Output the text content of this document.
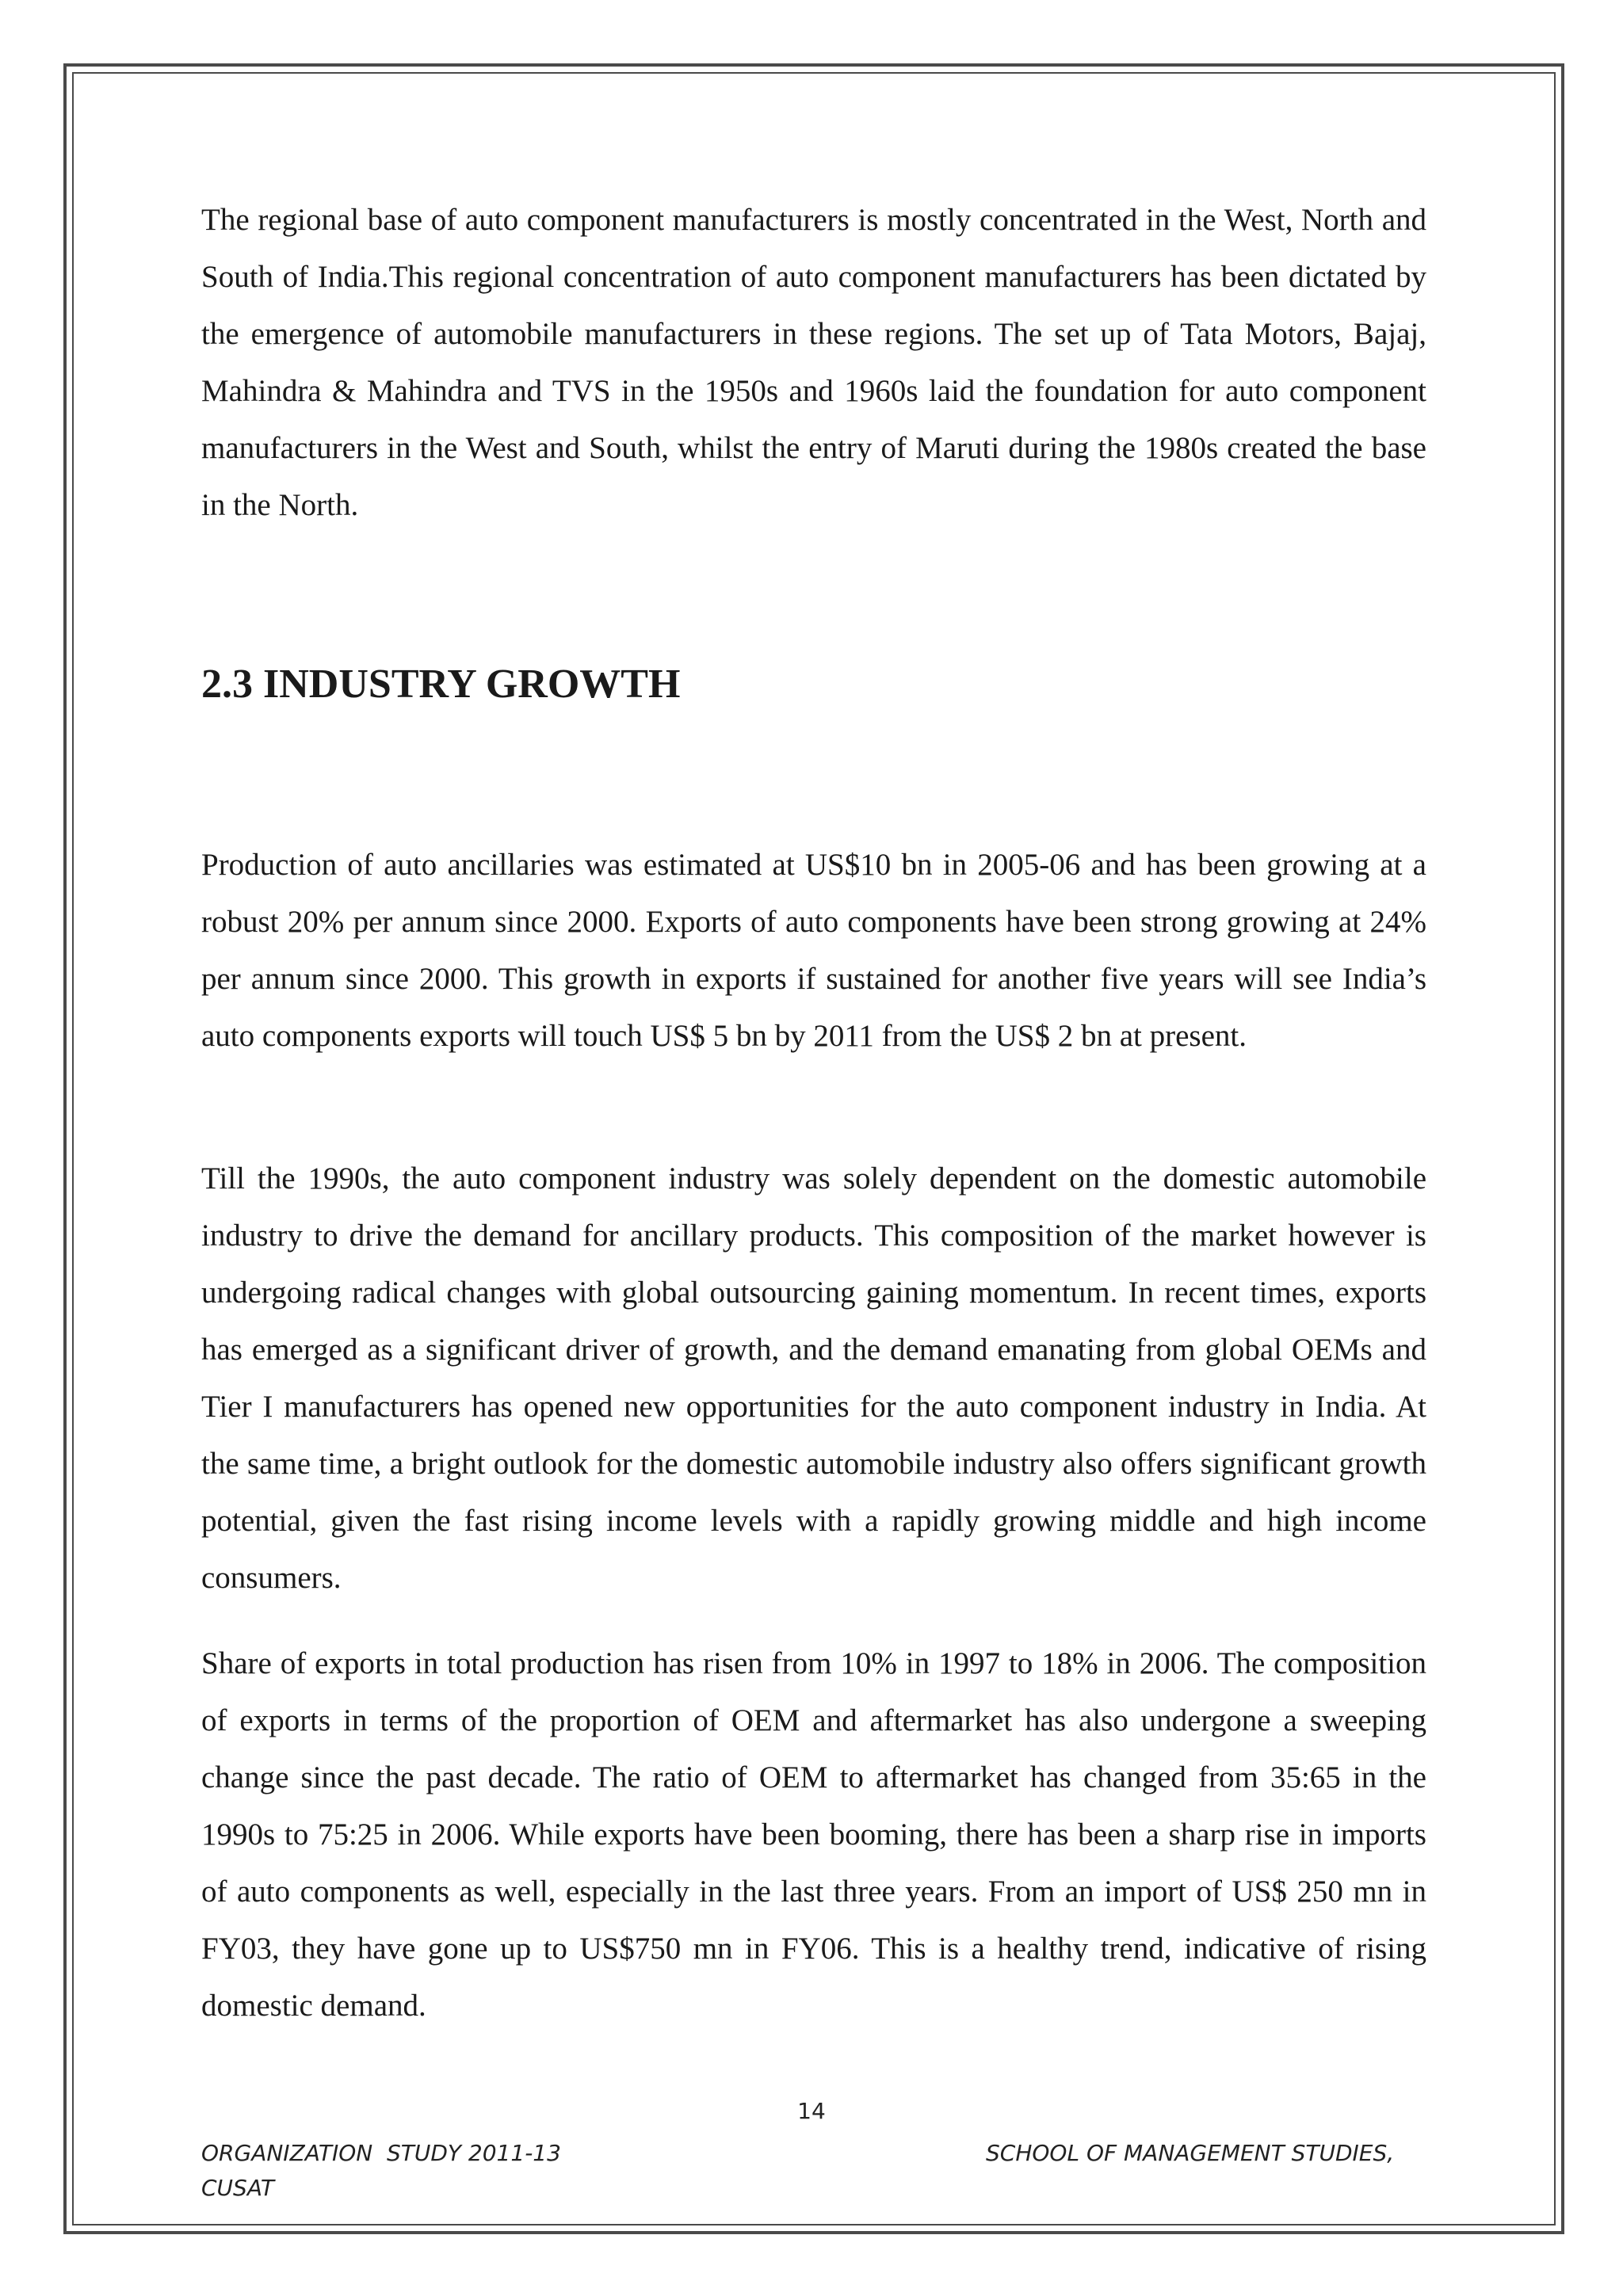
The regional base of auto component manufacturers is mostly concentrated in the West, North and South of India.This regional concentration of auto component manufacturers has been dictated by the emergence of automobile manufacturers in these regions. The set up of Tata Motors, Bajaj, Mahindra & Mahindra and TVS in the 1950s and 1960s laid the foundation for auto component manufacturers in the West and South, whilst the entry of Maruti during the 1980s created the base in the North.

2.3 INDUSTRY GROWTH

Production of auto ancillaries was estimated at US$10 bn in 2005-06 and has been growing at a robust 20% per annum since 2000. Exports of auto components have been strong growing at 24% per annum since 2000. This growth in exports if sustained for another five years will see India’s auto components exports will touch US$ 5 bn by 2011 from the US$ 2 bn at present.

Till the 1990s, the auto component industry was solely dependent on the domestic automobile industry to drive the demand for ancillary products. This composition of the market however is undergoing radical changes with global outsourcing gaining momentum. In recent times, exports has emerged as a significant driver of growth, and the demand emanating from global OEMs and Tier I manufacturers has opened new opportunities for the auto component industry in India. At the same time, a bright outlook for the domestic automobile industry also offers significant growth potential, given the fast rising income levels with a rapidly growing middle and high income consumers.

Share of exports in total production has risen from 10% in 1997 to 18% in 2006. The composition of exports in terms of the proportion of OEM and aftermarket has also undergone a sweeping change since the past decade. The ratio of OEM to aftermarket has changed from 35:65 in the 1990s to 75:25 in 2006. While exports have been booming, there has been a sharp rise in imports of auto components as well, especially in the last three years. From an import of US$ 250 mn in FY03, they have gone up to US$750 mn in FY06. This is a healthy trend, indicative of rising domestic demand.

14
ORGANIZATION  STUDY 2011-13
CUSAT
SCHOOL OF MANAGEMENT STUDIES,
